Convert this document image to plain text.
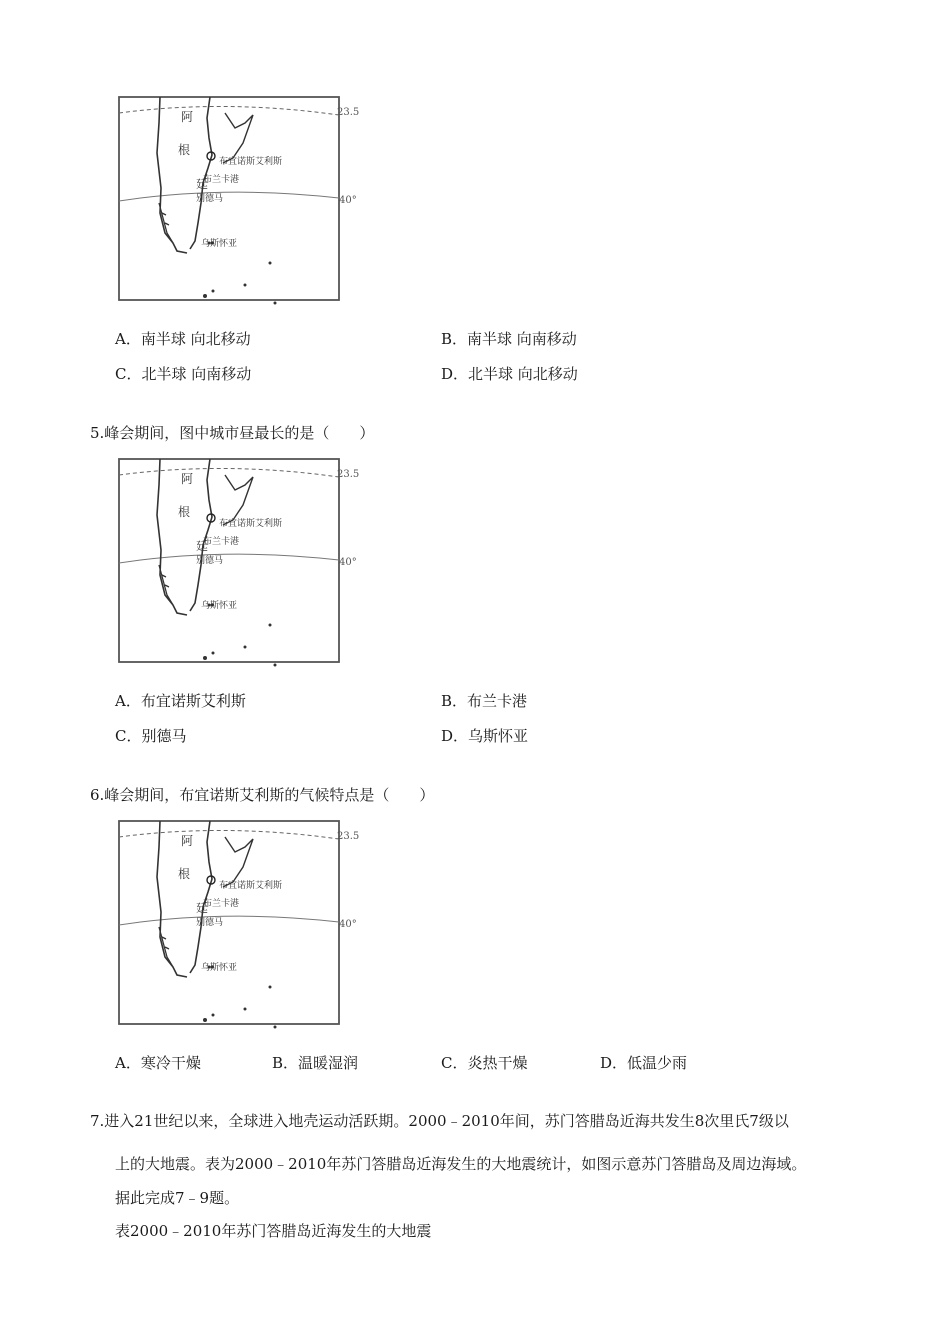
阿
根
廷
布宜诺斯艾利斯
布兰卡港
别德马
乌斯怀亚
23.5
40°
A．南半球 向北移动	B．南半球 向南移动
C．北半球 向南移动	D．北半球 向北移动
5.峰会期间，图中城市昼最长的是（　　）
阿
根
廷
布宜诺斯艾利斯
布兰卡港
别德马
乌斯怀亚
23.5
40°
A．布宜诺斯艾利斯	B．布兰卡港
C．别德马	D．乌斯怀亚
6.峰会期间，布宜诺斯艾利斯的气候特点是（　　）
阿
根
廷
布宜诺斯艾利斯
布兰卡港
别德马
乌斯怀亚
23.5
40°
A．寒冷干燥	B．温暖湿润	C．炎热干燥	D．低温少雨
7.进入21世纪以来，全球进入地壳运动活跃期。2000﹣2010年间，苏门答腊岛近海共发生8次里氏7级以
上的大地震。表为2000﹣2010年苏门答腊岛近海发生的大地震统计，如图示意苏门答腊岛及周边海域。
据此完成7﹣9题。
表2000﹣2010年苏门答腊岛近海发生的大地震
